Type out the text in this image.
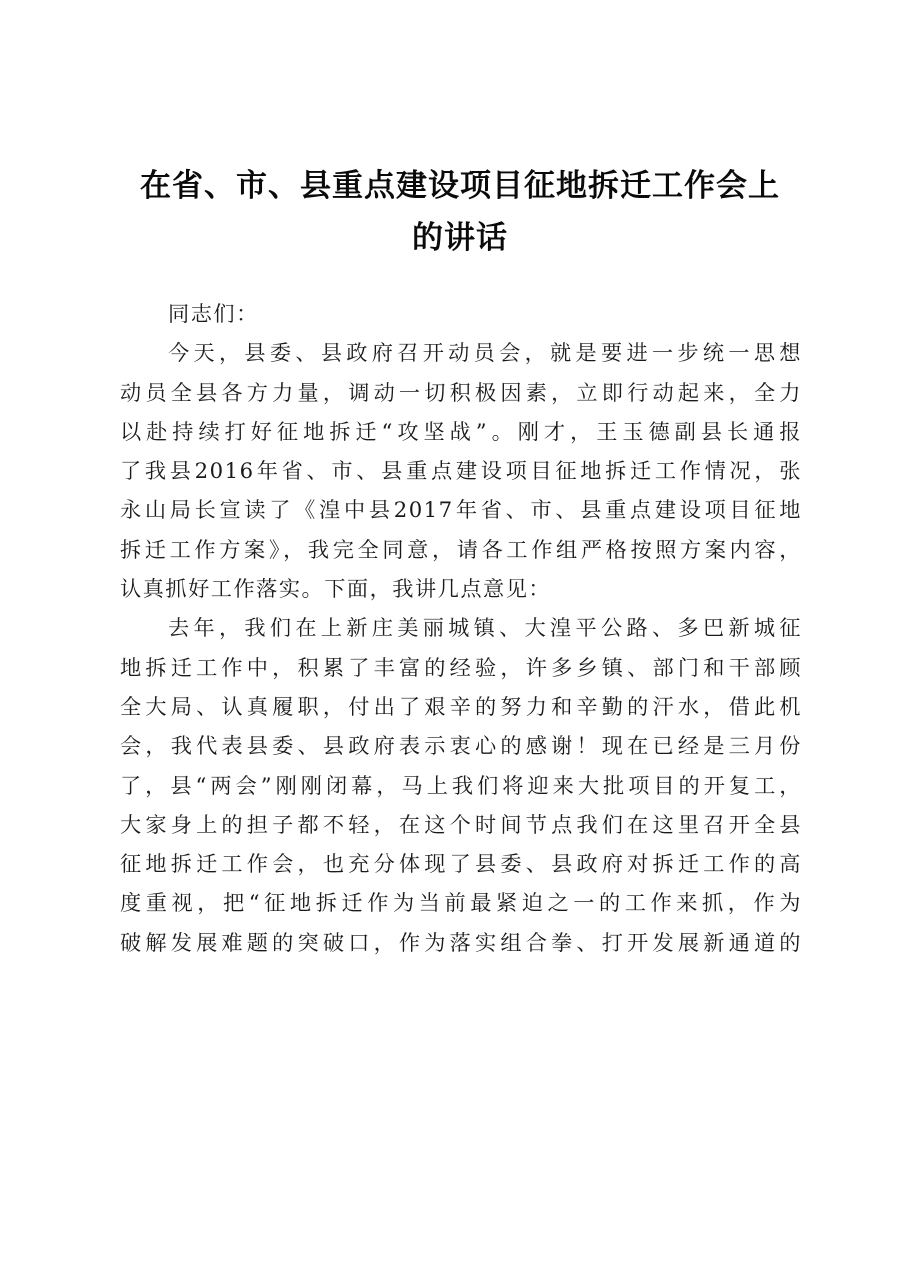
在省、市、县重点建设项目征地拆迁工作会上
的讲话
同志们：
今天，县委、县政府召开动员会，就是要进一步统一思想
动员全县各方力量，调动一切积极因素，立即行动起来，全力
以赴持续打好征地拆迁“攻坚战”。刚才，王玉德副县长通报
了我县2016年省、市、县重点建设项目征地拆迁工作情况，张
永山局长宣读了《湟中县2017年省、市、县重点建设项目征地
拆迁工作方案》，我完全同意，请各工作组严格按照方案内容，
认真抓好工作落实。下面，我讲几点意见：
去年，我们在上新庄美丽城镇、大湟平公路、多巴新城征
地拆迁工作中，积累了丰富的经验，许多乡镇、部门和干部顾
全大局、认真履职，付出了艰辛的努力和辛勤的汗水，借此机
会，我代表县委、县政府表示衷心的感谢！现在已经是三月份
了，县“两会”刚刚闭幕，马上我们将迎来大批项目的开复工，
大家身上的担子都不轻，在这个时间节点我们在这里召开全县
征地拆迁工作会，也充分体现了县委、县政府对拆迁工作的高
度重视，把“征地拆迁作为当前最紧迫之一的工作来抓，作为
破解发展难题的突破口，作为落实组合拳、打开发展新通道的
